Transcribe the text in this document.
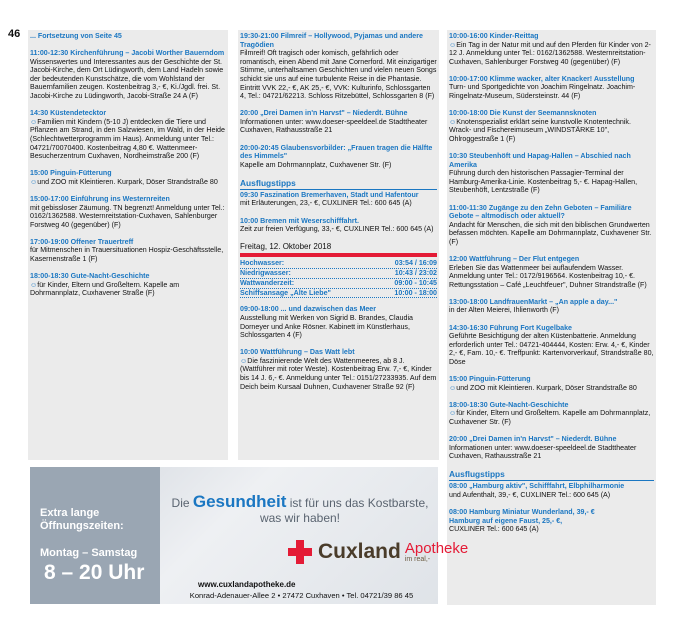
46 ... Fortsetzung von Seite 45
11:00-12:30 Kirchenführung – Jacobi Worther Bauerndom
Wissenswertes und Interessantes aus der Geschichte der St. Jacobi-Kirche, dem Ort Lüdingworth, dem Land Hadeln sowie der bedeutenden Kunstschätze, die vom Wohlstand der Bauernfamilien zeugen. Kostenbeitrag 3,- €, Ki./Jgdl. frei. St. Jacobi-Kirche zu Lüdingworth, Jacobi-Straße 24 A (F)
14:30 Küstendetecktor
☺Familien mit Kindern (5-10 J) entdecken die Tiere und Pflanzen am Strand, in den Salzwiesen, im Wald, in der Heide (Schlechtwetterprogramm im Haus). Anmeldung unter Tel.: 04721/70070400. Kostenbeitrag 4,80 €. Wattenmeer-Besucherzentrum Cuxhaven, Nordheimstraße 200 (F)
15:00 Pinguin-Fütterung
☺und ZOO mit Kleintieren. Kurpark, Döser Strandstraße 80
15:00-17:00 Einführung ins Westernreiten
mit gebissloser Zäumung. TN begrenzt! Anmeldung unter Tel.: 0162/1362588. Westernreitstation-Cuxhaven, Sahlenburger Forstweg 40 (gegenüber) (F)
17:00-19:00 Offener Trauertreff
für Mitmenschen in Trauersituationen Hospiz-Geschäftsstelle, Kasernenstraße 1 (F)
18:00-18:30 Gute-Nacht-Geschichte
☺für Kinder, Eltern und Großeltern. Kapelle am Dohrmannplatz, Cuxhavener Straße (F)
19:30-21:00 Filmreif – Hollywood, Pyjamas und andere Tragödien
Filmreif! Oft tragisch oder komisch, gefährlich oder romantisch, einen Abend mit Jane Cornerford. Mit einzigartiger Stimme, unterhaltsamen Geschichten und vielen neuen Songs schickt sie uns auf eine turbulente Reise in die Phantasie. Eintritt VVK 22,- €, AK 25,- €, VVK: Kulturinfo, Schlossgarten 4, Tel.: 04721/62213. Schloss Ritzebüttel, Schlossgarten 8 (F)
20:00 „Drei Damen in'n Harvst" – Niederdt. Bühne
Informationen unter: www.doeser-speeldeel.de Stadttheater Cuxhaven, Rathausstraße 21
20:00-20:45 Glaubensvorbilder: „Frauen tragen die Hälfte des Himmels"
Kapelle am Dohrmannplatz, Cuxhavener Str. (F)
Ausflugstipps
09:30 Faszination Bremerhaven, Stadt und Hafentour
mit Erläuterungen, 23,- €, CUXLINER Tel.: 600 645 (A)
10:00 Bremen mit Weserschifffahrt.
Zeit zur freien Verfügung, 33,- €, CUXLINER Tel.: 600 645 (A)
Freitag, 12. Oktober 2018
Hochwasser:	03:54 / 16:09
Niedrigwasser:	10:43 / 23:02
Wattwanderzeit:	09:00 - 10:45
Schiffsansage „Alte Liebe"	10:00 - 18:00
09:00-18:00 ... und dazwischen das Meer
Ausstellung mit Werken von Sigrid B. Brandes, Claudia Dorneyer und Anke Rösner. Kabinett im Künstlerhaus, Schlossgarten 4 (F)
10:00 Wattführung – Das Watt lebt
☺Die faszinierende Welt des Wattenmeeres, ab 8 J. (Wattführer mit roter Weste). Kostenbeitrag Erw. 7,- €, Kinder bis 14 J. 6,- €. Anmeldung unter Tel.: 0151/27233935. Auf dem Deich beim Kursaal Duhnen, Cuxhavener Straße 92 (F)
10:00-16:00 Kinder-Reittag
☺Ein Tag in der Natur mit und auf den Pferden für Kinder von 2-12 J. Anmeldung unter Tel.: 0162/1362588. Westernreitstation-Cuxhaven, Sahlenburger Forstweg 40 (gegenüber) (F)
10:00-17:00 Klimme wacker, alter Knacker! Ausstellung
Turn- und Sportgedichte von Joachim Ringelnatz. Joachim-Ringelnatz-Museum, Südersteinstr. 44 (F)
10:00-18:00 Die Kunst der Seemannsknoten
☺Knotenspezialist erklärt seine kunstvolle Knotentechnik. Wrack- und Fischereimuseum „WINDSTÄRKE 10", Ohlroggestraße 1 (F)
10:30 Steubenhöft und Hapag-Hallen – Abschied nach Amerika
Führung durch den historischen Passagier-Terminal der Hamburg-Amerika-Linie. Kostenbeitrag 5,- €. Hapag-Hallen, Steubenhöft, Lentzstraße (F)
11:00-11:30 Zugänge zu den Zehn Geboten – Familiäre Gebote – altmodisch oder aktuell?
Andacht für Menschen, die sich mit den biblischen Grundwerten befassen möchten. Kapelle am Dohrmannplatz, Cuxhavener Str. (F)
12:00 Wattführung – Der Flut entgegen
Erleben Sie das Wattenmeer bei auflaufendem Wasser. Anmeldung unter Tel.: 0172/9196564. Kostenbeitrag 10,- €. Rettungsstation – Café „Leuchtfeuer", Duhner Strandstraße (F)
13:00-18:00 LandfrauenMarkt – „An apple a day..."
in der Alten Meierei, Ihlienworth (F)
14:30-16:30 Führung Fort Kugelbake
Geführte Besichtigung der alten Küstenbatterie. Anmeldung erforderlich unter Tel.: 04721-404444, Kosten: Erw. 4,- €, Kinder 2,- €, Fam. 10,- €. Treffpunkt: Kartenvorverkauf, Strandstraße 80, Döse
15:00 Pinguin-Fütterung
☺und ZOO mit Kleintieren. Kurpark, Döser Strandstraße 80
18:00-18:30 Gute-Nacht-Geschichte
☺für Kinder, Eltern und Großeltern. Kapelle am Dohrmannplatz, Cuxhavener Str. (F)
20:00 „Drei Damen in'n Harvst" – Niederdt. Bühne
Informationen unter: www.doeser-speeldeel.de Stadttheater Cuxhaven, Rathausstraße 21
Ausflugstipps
08:00 „Hamburg aktiv", Schifffahrt, Elbphilharmonie
und Aufenthalt, 39,- €, CUXLINER Tel.: 600 645 (A)
08:00 Hamburg Miniatur Wunderland, 39,- €
Hamburg auf eigene Faust, 25,- €,
CUXLINER Tel.: 600 645 (A)
Extra lange Öffnungszeiten:
Montag – Samstag
8 – 20 Uhr
Die Gesundheit ist für uns das Kostbarste, was wir haben!
Cuxland Apotheke
im real,-
www.cuxlandapotheke.de
Konrad-Adenauer-Allee 2 • 27472 Cuxhaven • Tel. 04721/39 86 45
